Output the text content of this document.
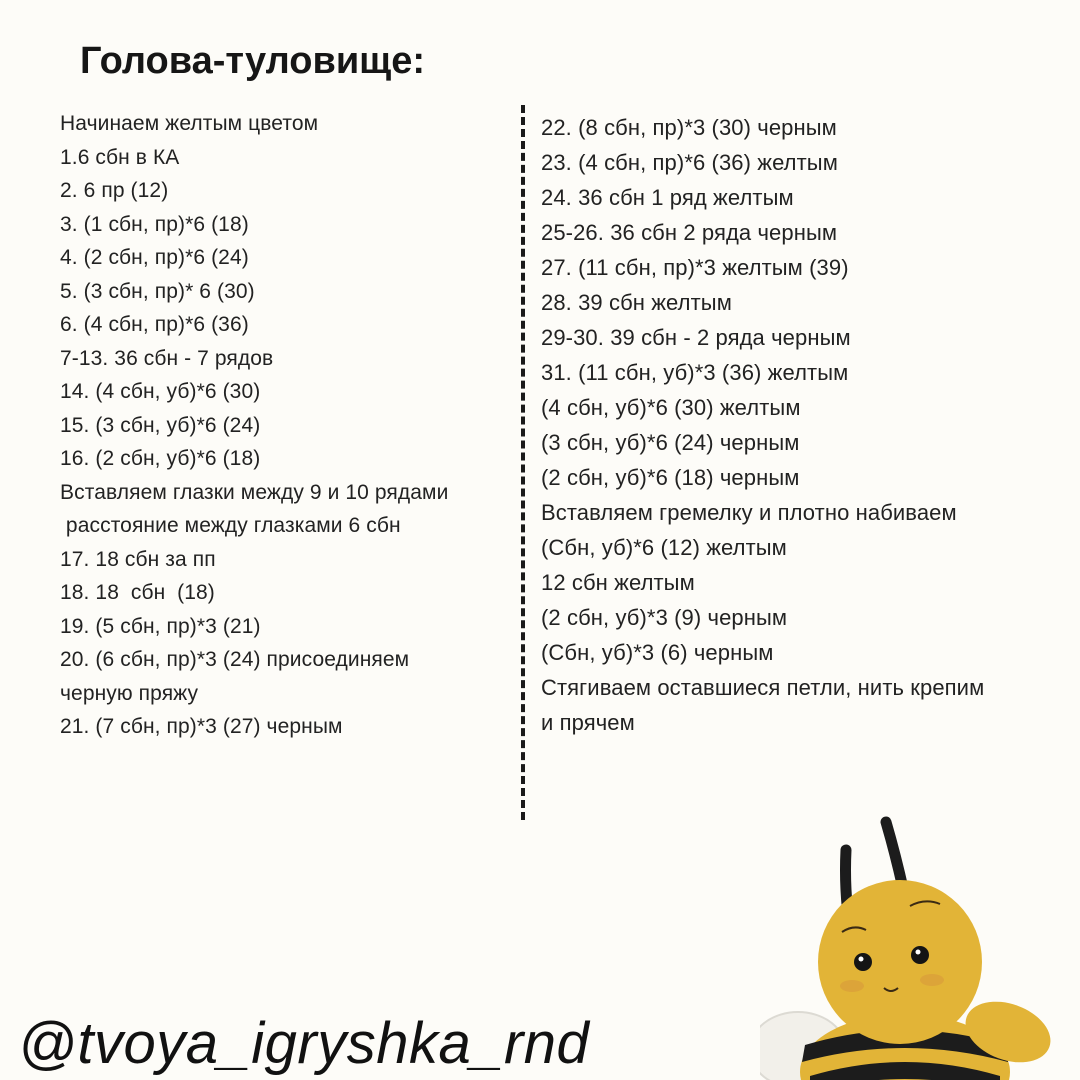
Голова-туловище:
Начинаем желтым цветом
1.6 сбн в КА
2. 6 пр (12)
3. (1 сбн, пр)*6 (18)
4. (2 сбн, пр)*6 (24)
5. (3 сбн, пр)* 6 (30)
6. (4 сбн, пр)*6 (36)
7-13. 36 сбн - 7 рядов
14. (4 сбн, уб)*6 (30)
15. (3 сбн, уб)*6 (24)
16. (2 сбн, уб)*6 (18)
Вставляем глазки между 9 и 10 рядами
расстояние между глазками 6 сбн
17. 18 сбн за пп
18. 18  сбн  (18)
19. (5 сбн, пр)*3 (21)
20. (6 сбн, пр)*3 (24) присоединяем
черную пряжу
21. (7 сбн, пр)*3 (27) черным
22. (8 сбн, пр)*3 (30) черным
23. (4 сбн, пр)*6 (36) желтым
24. 36 сбн 1 ряд желтым
25-26. 36 сбн 2 ряда черным
27. (11 сбн, пр)*3 желтым (39)
28. 39 сбн желтым
29-30. 39 сбн - 2 ряда черным
31. (11 сбн, уб)*3 (36) желтым
(4 сбн, уб)*6 (30) желтым
(3 сбн, уб)*6 (24) черным
(2 сбн, уб)*6 (18) черным
Вставляем гремелку и плотно набиваем
(Сбн, уб)*6 (12) желтым
12 сбн желтым
(2 сбн, уб)*3 (9) черным
(Сбн, уб)*3 (6) черным
Стягиваем оставшиеся петли, нить крепим
и прячем
@tvoya_igryshka_rnd
